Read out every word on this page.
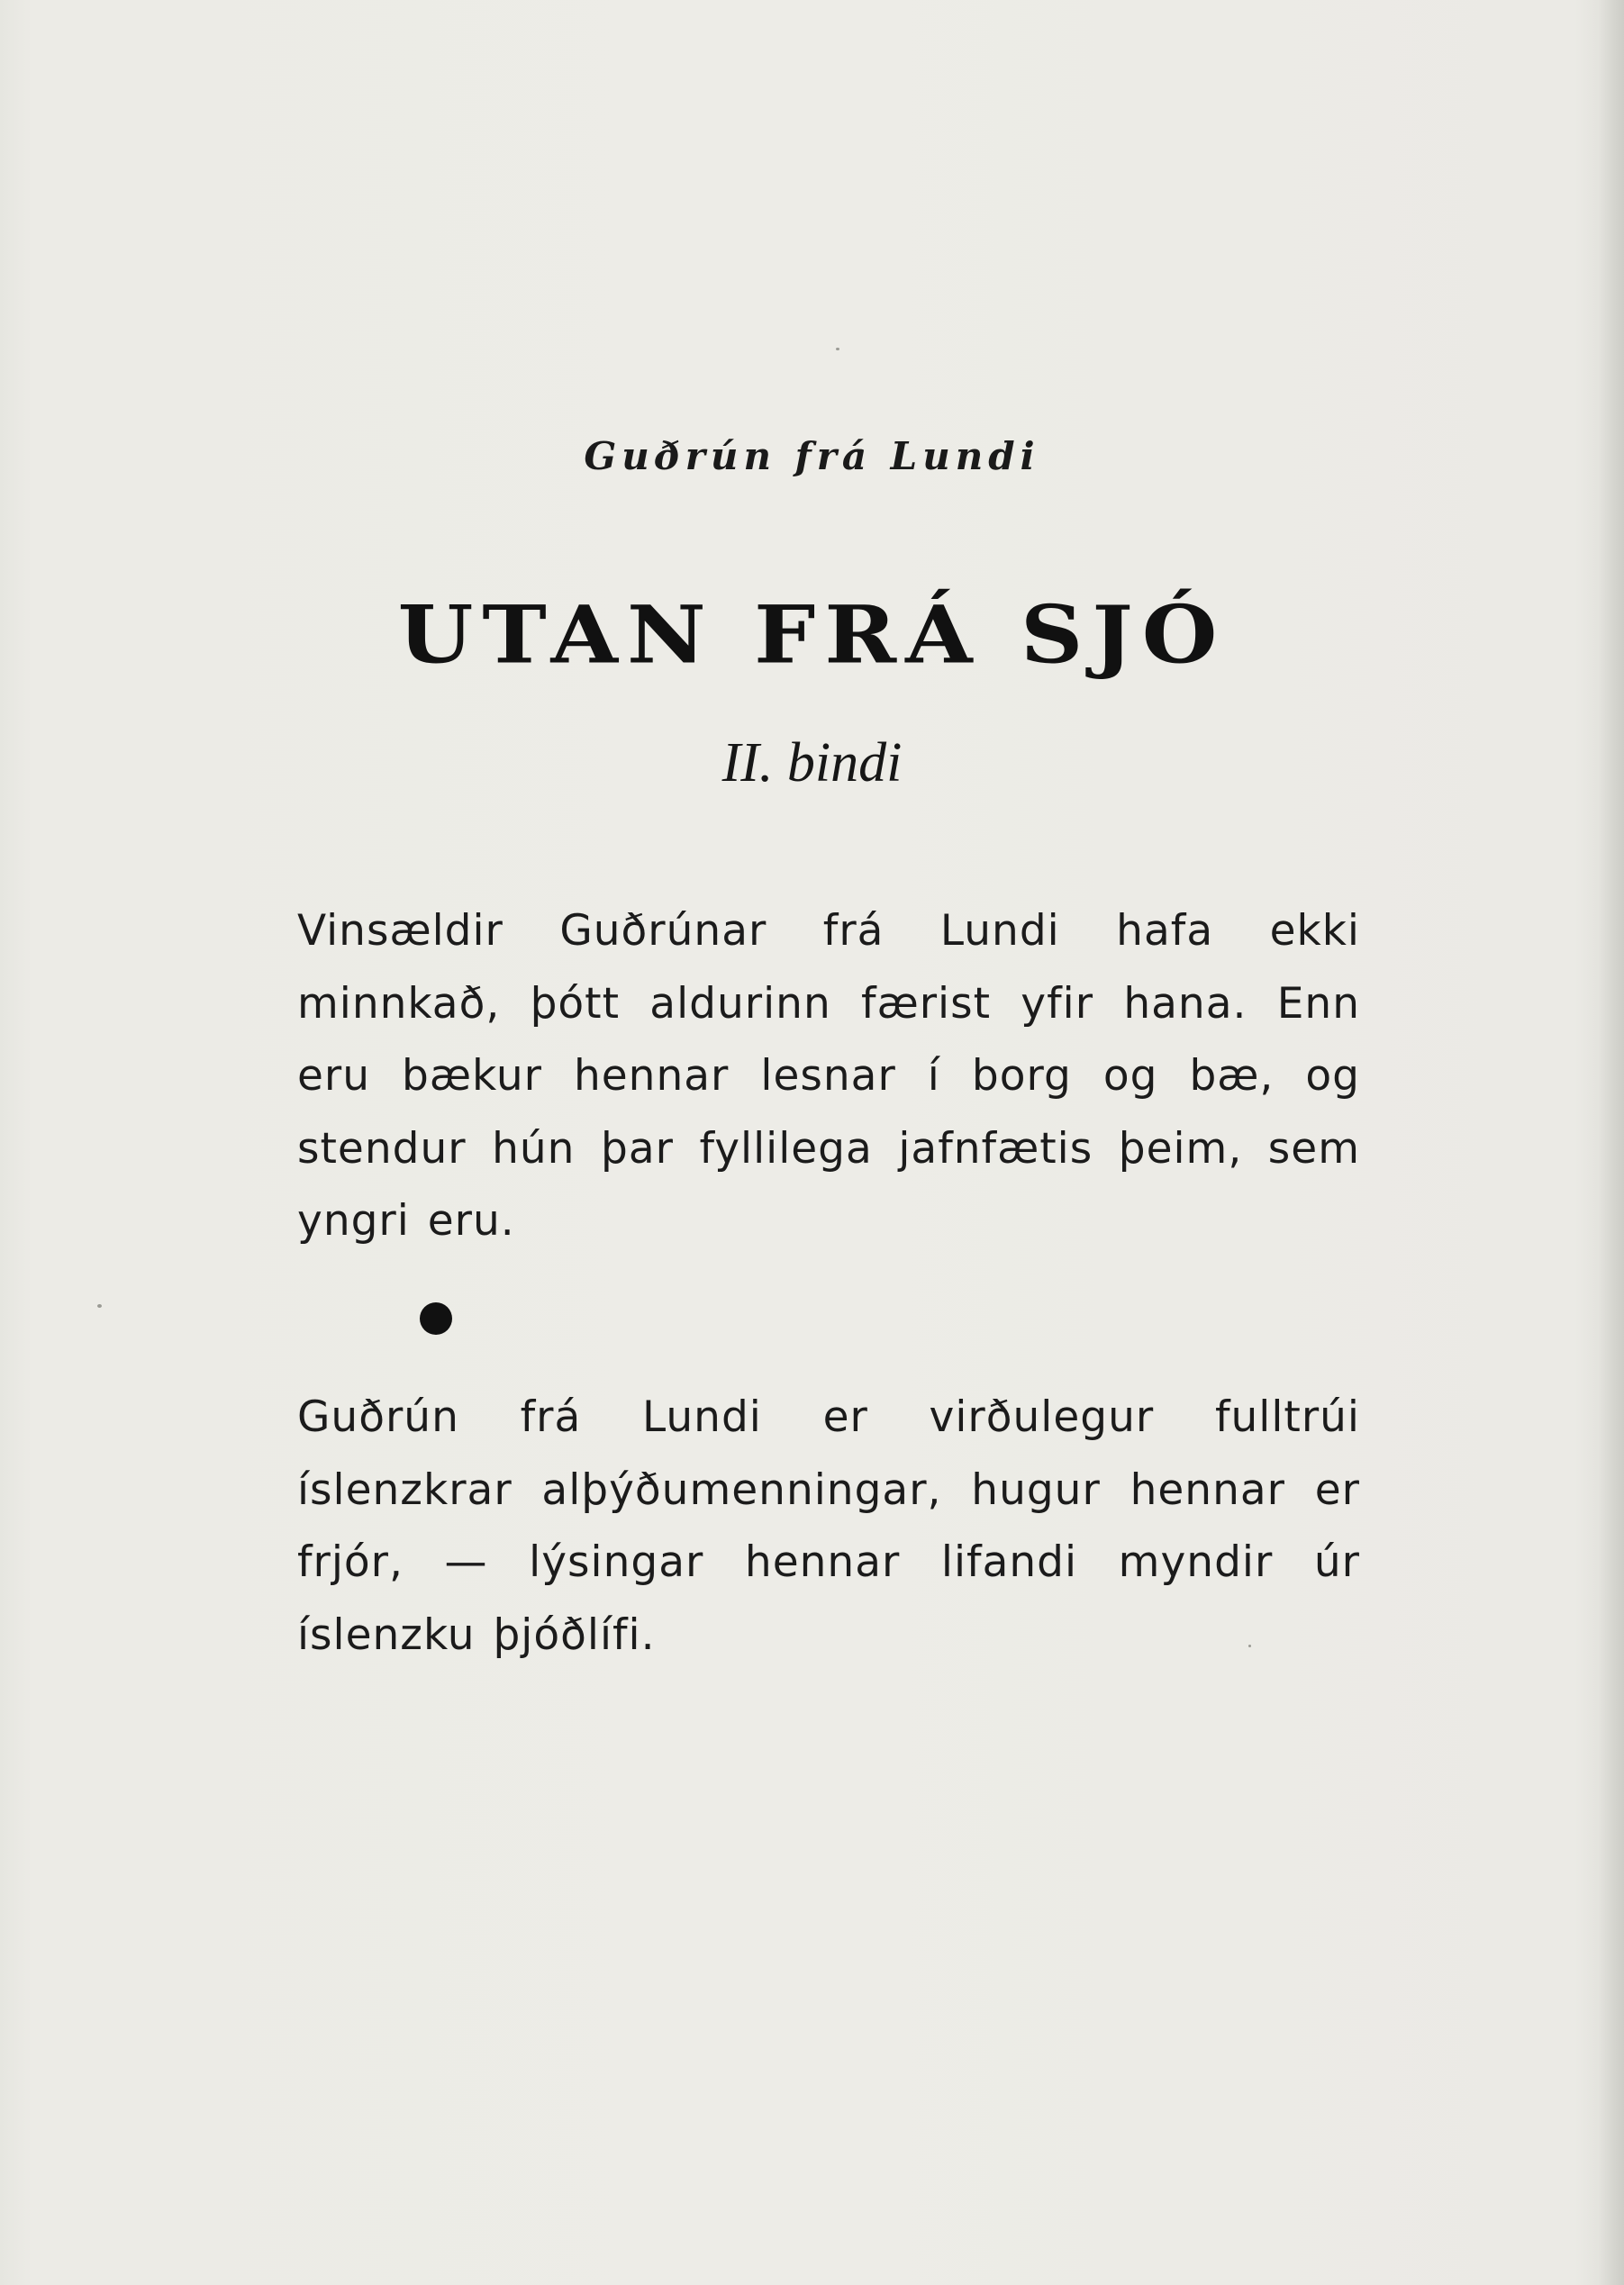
Guðrún frá Lundi
UTAN FRÁ SJÓ
II. bindi
Vinsældir Guðrúnar frá Lundi hafa ekki minnkað, þótt aldurinn færist yfir hana. Enn eru bækur hennar lesnar í borg og bæ, og stendur hún þar fyllilega jafnfætis þeim, sem yngri eru.
Guðrún frá Lundi er virðulegur fulltrúi íslenzkrar alþýðumenningar, hugur hennar er frjór, — lýsingar hennar lifandi myndir úr íslenzku þjóðlífi.
